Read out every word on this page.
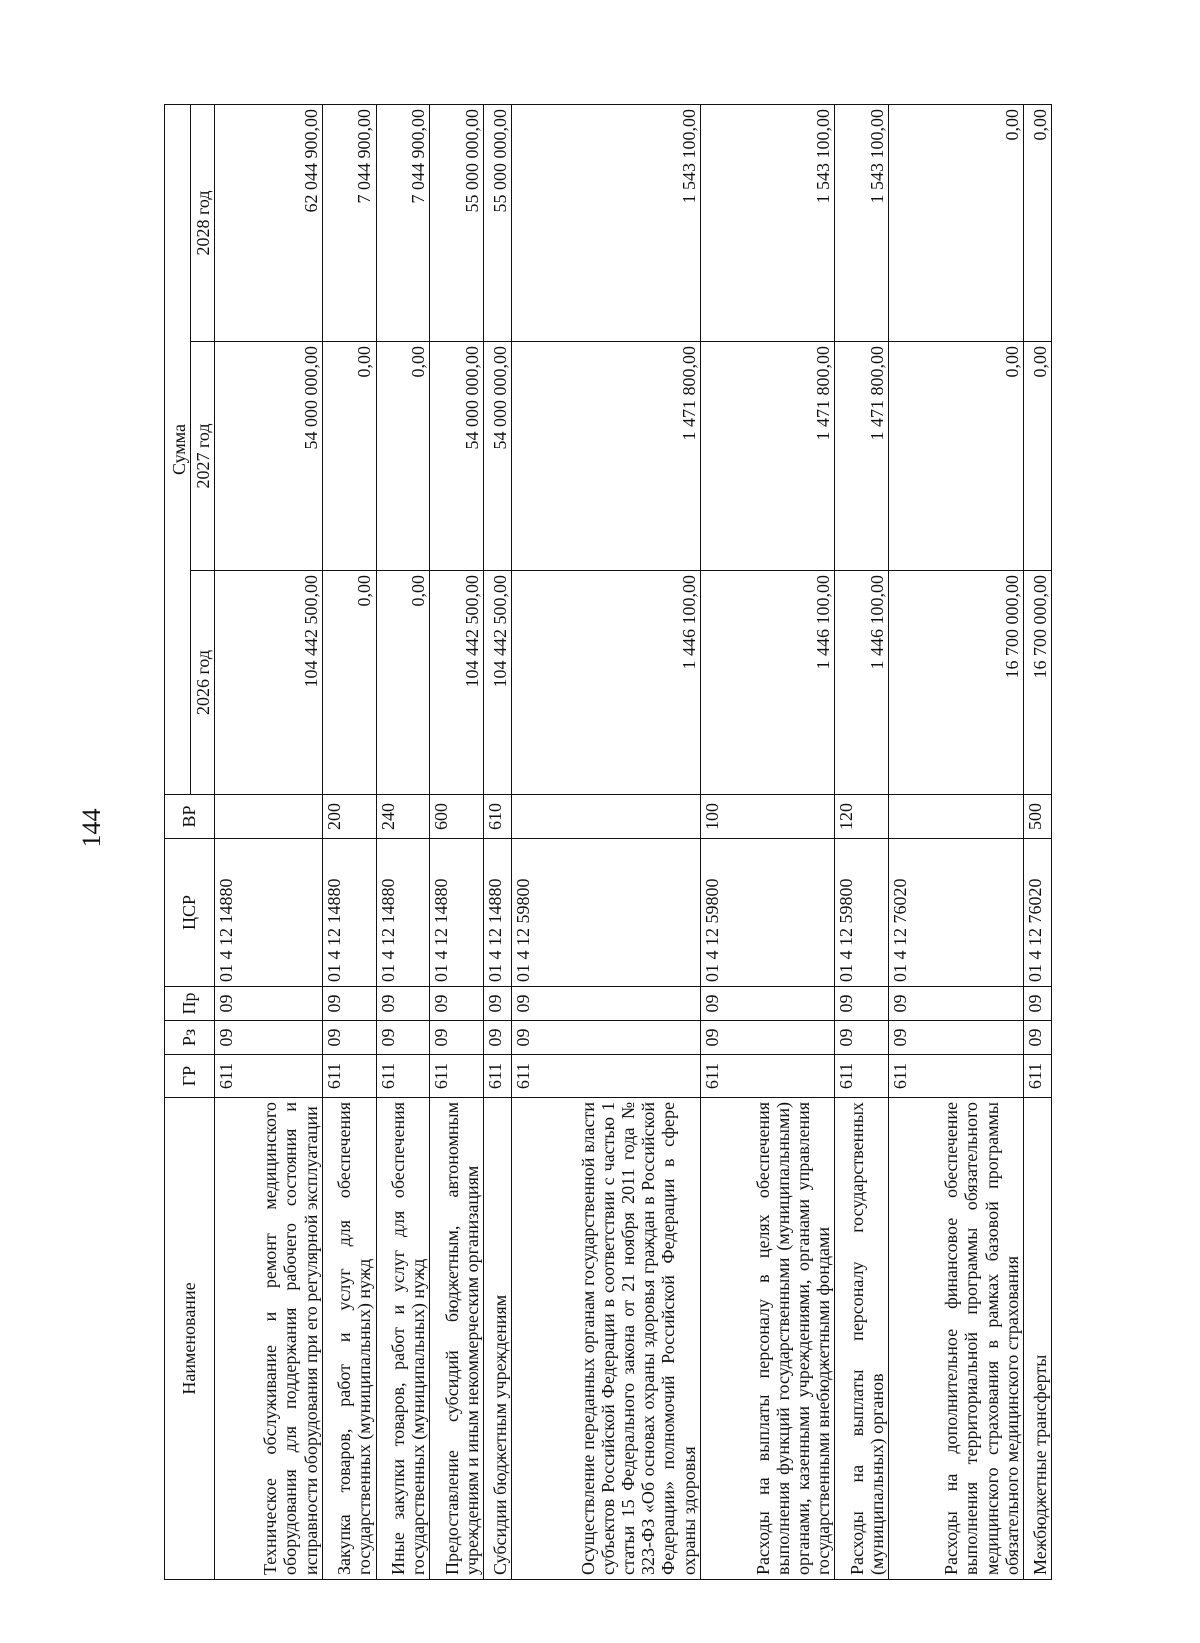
144
Наименование	ГР	Рз	Пр	ЦСР	ВР	Сумма		
						2026 год	2027 год	2028 год
Техническое обслуживание и ремонт медицинского оборудования для поддержания рабочего состояния и исправности оборудования при его регулярной эксплуатации	611	09	09	01 4 12 14880		104 442 500,00	54 000 000,00	62 044 900,00
Закупка товаров, работ и услуг для обеспечения государственных (муниципальных) нужд	611	09	09	01 4 12 14880	200	0,00	0,00	7 044 900,00
Иные закупки товаров, работ и услуг для обеспечения государственных (муниципальных) нужд	611	09	09	01 4 12 14880	240	0,00	0,00	7 044 900,00
Предоставление субсидий бюджетным, автономным учреждениям и иным некоммерческим организациям	611	09	09	01 4 12 14880	600	104 442 500,00	54 000 000,00	55 000 000,00
Субсидии бюджетным учреждениям	611	09	09	01 4 12 14880	610	104 442 500,00	54 000 000,00	55 000 000,00
Осуществление переданных органам государственной власти субъектов Российской Федерации в соответствии с частью 1 статьи 15 Федерального закона от 21 ноября 2011 года № 323-ФЗ «Об основах охраны здоровья граждан в Российской Федерации» полномочий Российской Федерации в сфере охраны здоровья	611	09	09	01 4 12 59800		1 446 100,00	1 471 800,00	1 543 100,00
Расходы на выплаты персоналу в целях обеспечения выполнения функций государственными (муниципальными) органами, казенными учреждениями, органами управления государственными внебюджетными фондами	611	09	09	01 4 12 59800	100	1 446 100,00	1 471 800,00	1 543 100,00
Расходы на выплаты персоналу государственных (муниципальных) органов	611	09	09	01 4 12 59800	120	1 446 100,00	1 471 800,00	1 543 100,00
Расходы на дополнительное финансовое обеспечение выполнения территориальной программы обязательного медицинского страхования в рамках базовой программы обязательного медицинского страхования	611	09	09	01 4 12 76020		16 700 000,00	0,00	0,00
Межбюджетные трансферты	611	09	09	01 4 12 76020	500	16 700 000,00	0,00	0,00
